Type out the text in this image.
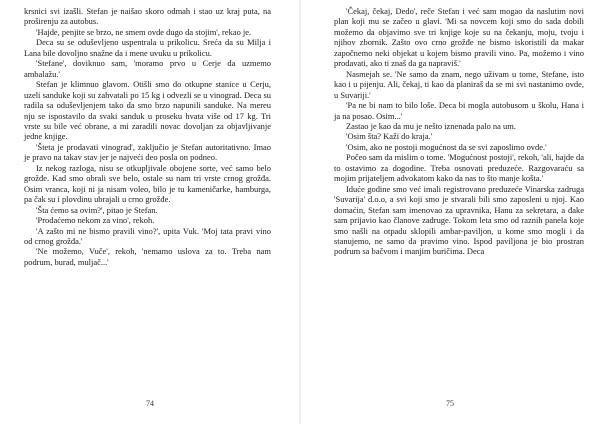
krsnici svi izašli. Stefan je naišao skoro odmah i stao uz kraj puta, na proširenju za autobus.

'Hajde, penjite se brzo, ne smem ovde dugo da stojim', rekao je.

Deca su se oduševljeno uspentrala u prikolicu. Sreća da su Milja i Lana bile dovoljno snažne da i mene uvuku u prikolicu.

'Stefane', doviknuo sam, 'moramo prvo u Cerje da uzmemo ambalažu.'

Stefan je klimnuo glavom. Otišli smo do otkupne stanice u Cerju, uzeli sanduke koji su zahvatali po 15 kg i odvezli se u vinograd. Deca su radila sa oduševljenjem tako da smo brzo napunili sanduke. Na mereu nju se ispostavilo da svaki sanduk u proseku hvata više od 17 kg. Tri vrste su bile već obrane, a mi zaradili novac dovoljan za objavljivanje jedne knjige.

'Šteta je prodavati vinograd', zaključio je Stefan autoritativno. Imao je pravo na takav stav jer je najveći deo posla on podneo.

Iz nekog razloga, nisu se otkupljivale obojene sorte, već samo belo grožđe. Kad smo obrali sve belo, ostale su nam tri vrste crnog grožđa. Osim vranca, koji ni ja nisam voleo, bilo je tu kameničarke, hamburga, pa čak su i plovdinu ubrajali u crno grožđe.

'Šta ćemo sa ovim?', pitao je Stefan.

'Prodaćemo nekom za vino', rekoh.

'A zašto mi ne bismo pravili vino?', upita Vuk. 'Moj tata pravi vino od crnog grožđa.'

'Ne možemo, Vuče', rekoh, 'nemamo uslova za to. Treba nam podrum, burad, muljač...'

74

'Čekaj, čekaj, Dedo', reče Stefan i već sam mogao da naslutim novi plan koji mu se začeo u glavi. 'Mi sa novcem koji smo do sada dobili možemo da objavimo sve tri knjige koje su na čekanju, moju, tvoju i njihov zbornik. Zašto ovo crno grožđe ne bismo iskoristili da makar započnemo neki objekat u kojem bismo pravili vino. Pa, možemo i vino prodavati, ako ti znaš da ga napraviš.'

Nasmejah se. 'Ne samo da znam, nego uživam u tome, Stefane, isto kao i u pijenju. Ali, čekaj, ti kao da planiraš da se mi svi nastanimo ovde, u Suvariji.'

'Pa ne bi nam to bilo loše. Deca bi mogla autobusom u školu, Hana i ja na posao. Osim...'

Zastao je kao da mu je nešto iznenada palo na um.

'Osim šta? Kaži do kraja.'

'Osim, ako ne postoji mogućnost da se svi zaposlimo ovde.'

Počeo sam da mislim o tome. 'Mogućnost postoji', rekoh, 'ali, hajde da to ostavimo za dogodine. Treba osnovati preduzeće. Razgovaraću sa mojim prijateljem advokatom kako da nas to što manje košta.'

Iduće godine smo već imali registrovano preduzeće Vinarska zadruga 'Suvarija' d.o.o, a svi koji smo je stvarali bili smo zaposleni u njoj. Kao domaćin, Stefan sam imenovao za upravnika, Hanu za sekretara, a đake sam prijavio kao članove zadruge. Tokom leta smo od raznih panela koje smo našli na otpadu sklopili ambar-paviljon, u kome smo mogli i da stanujemo, ne samo da pravimo vino. Ispod paviljona je bio prostran podrum sa bačvom i manjim buričima. Deca

75
